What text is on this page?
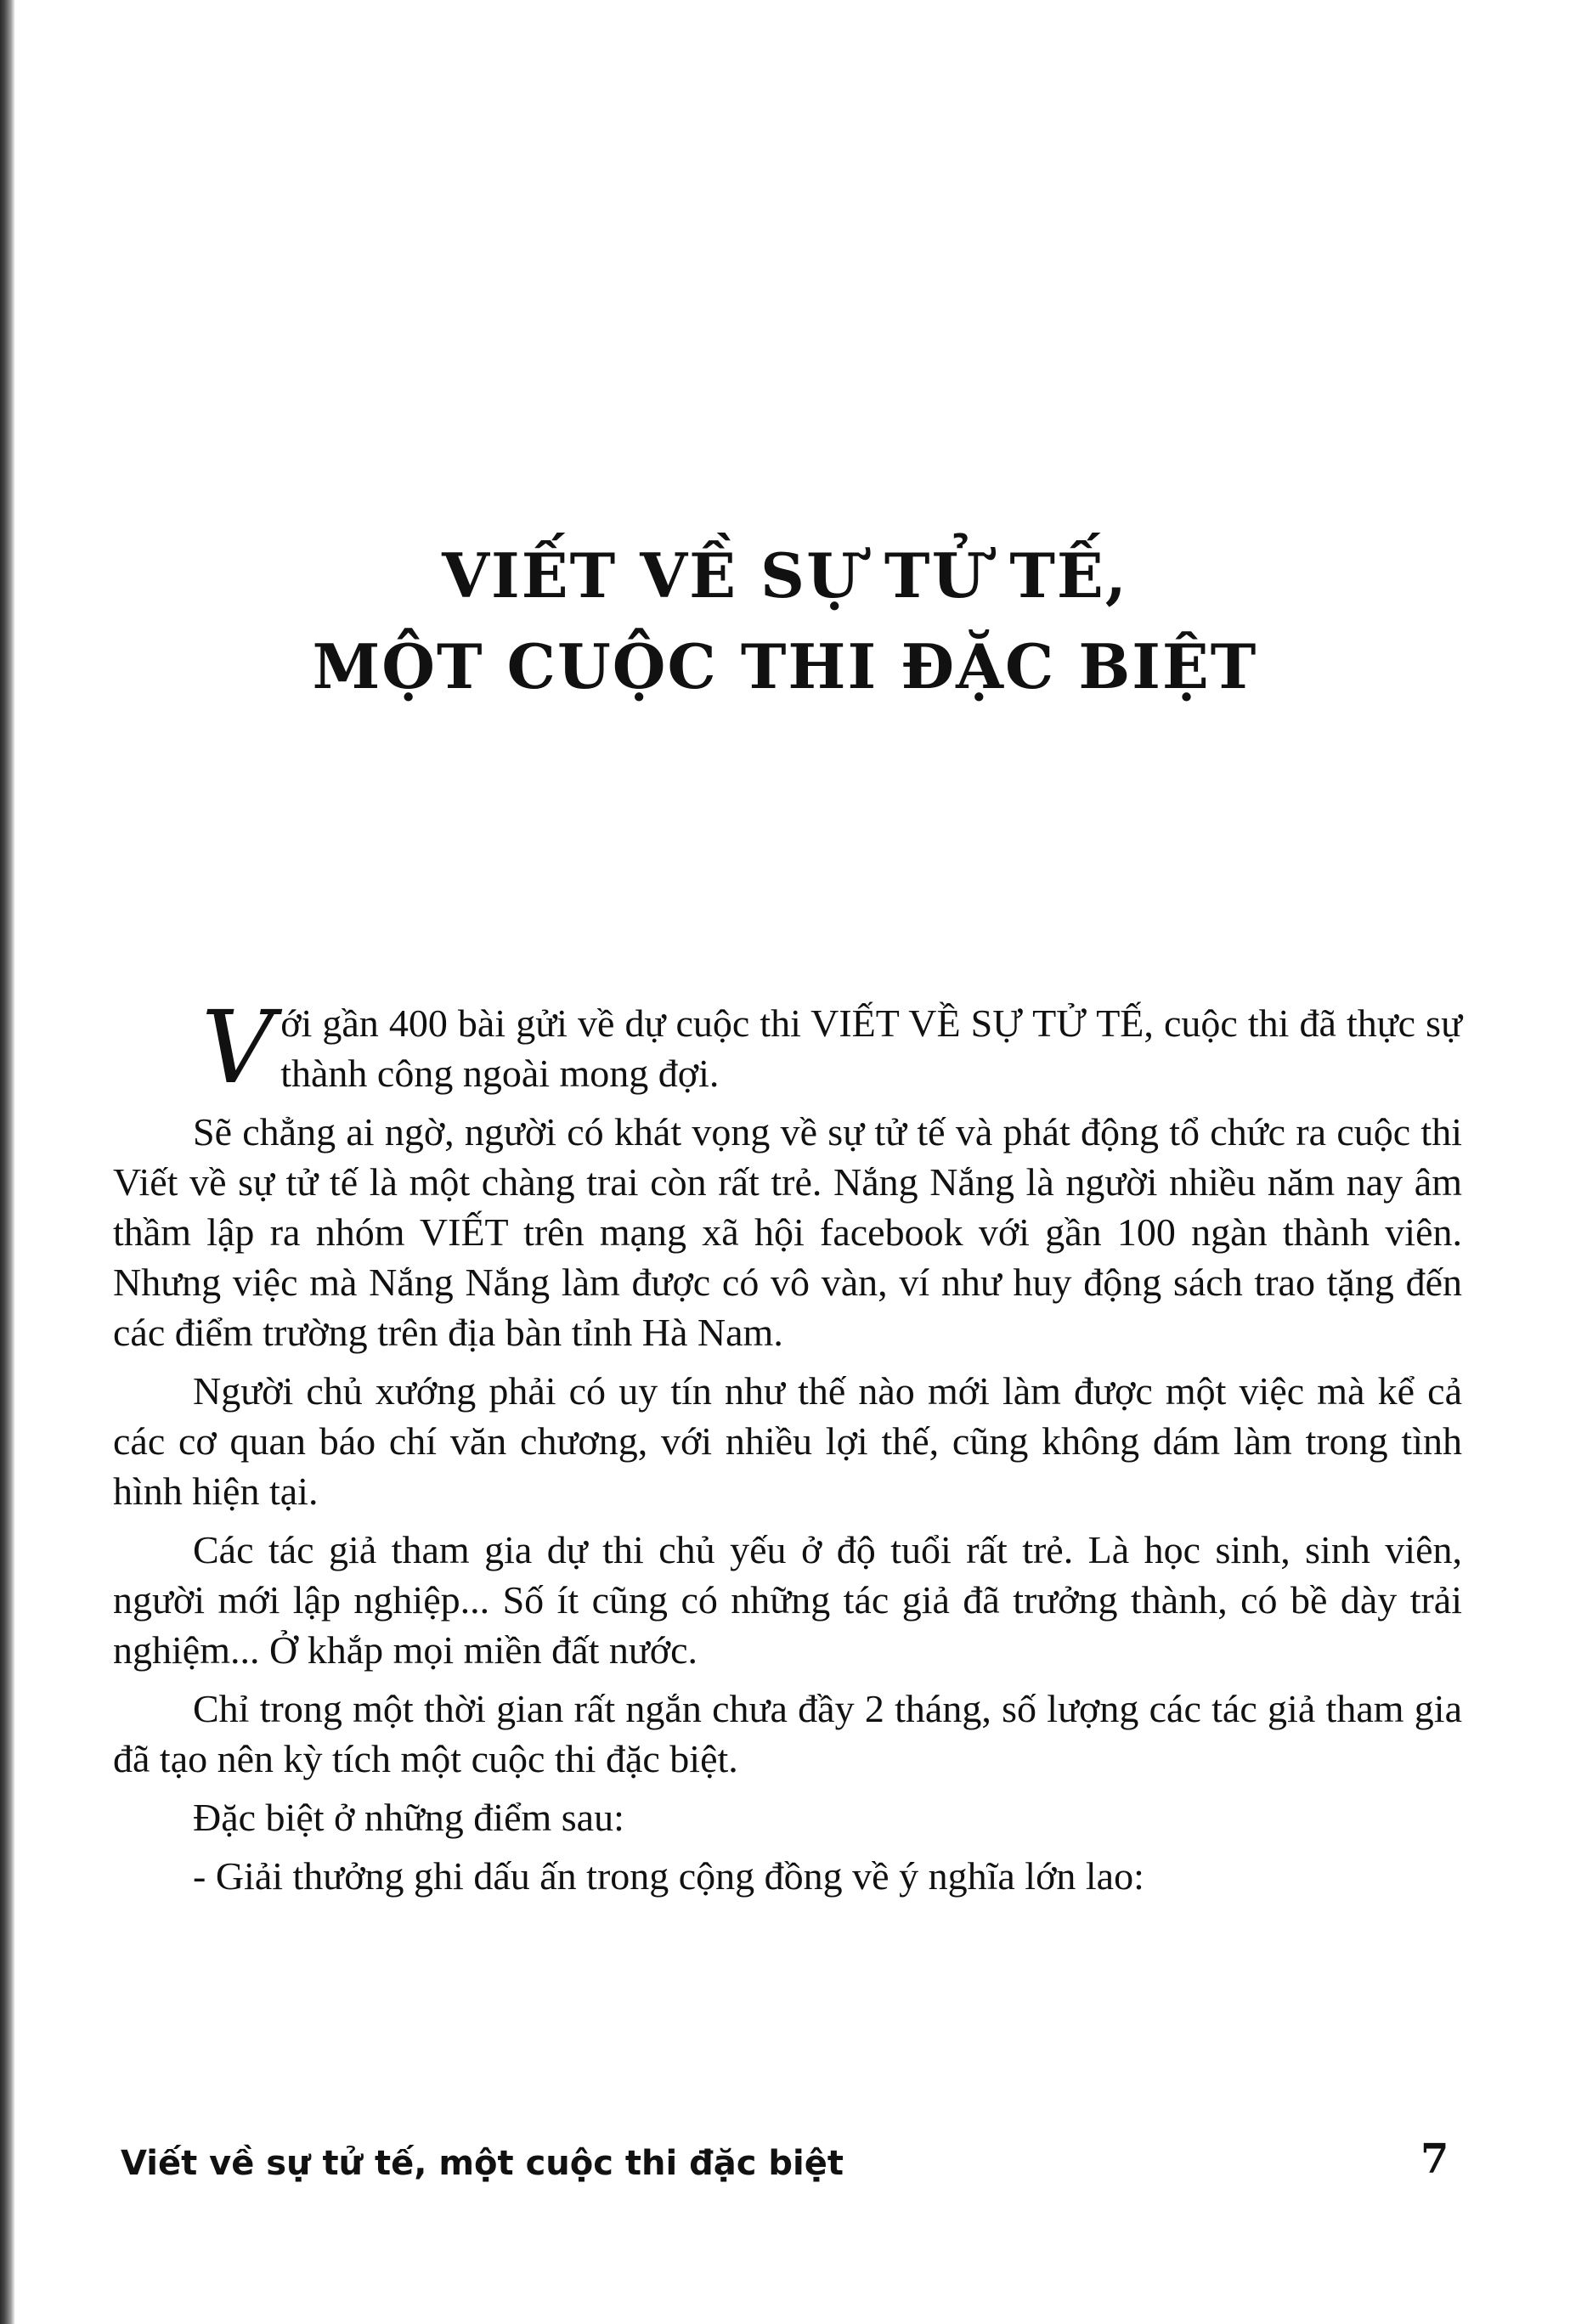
VIẾT VỀ SỰ TỬ TẾ,
MỘT CUỘC THI ĐẶC BIỆT

Với gần 400 bài gửi về dự cuộc thi VIẾT VỀ SỰ TỬ TẾ, cuộc thi đã thực sự thành công ngoài mong đợi.

Sẽ chẳng ai ngờ, người có khát vọng về sự tử tế và phát động tổ chức ra cuộc thi Viết về sự tử tế là một chàng trai còn rất trẻ. Nắng Nắng là người nhiều năm nay âm thầm lập ra nhóm VIẾT trên mạng xã hội facebook với gần 100 ngàn thành viên. Nhưng việc mà Nắng Nắng làm được có vô vàn, ví như huy động sách trao tặng đến các điểm trường trên địa bàn tỉnh Hà Nam.

Người chủ xướng phải có uy tín như thế nào mới làm được một việc mà kể cả các cơ quan báo chí văn chương, với nhiều lợi thế, cũng không dám làm trong tình hình hiện tại.

Các tác giả tham gia dự thi chủ yếu ở độ tuổi rất trẻ. Là học sinh, sinh viên, người mới lập nghiệp... Số ít cũng có những tác giả đã trưởng thành, có bề dày trải nghiệm... Ở khắp mọi miền đất nước.

Chỉ trong một thời gian rất ngắn chưa đầy 2 tháng, số lượng các tác giả tham gia đã tạo nên kỳ tích một cuộc thi đặc biệt.

Đặc biệt ở những điểm sau:

- Giải thưởng ghi dấu ấn trong cộng đồng về ý nghĩa lớn lao:

Viết về sự tử tế, một cuộc thi đặc biệt	7
